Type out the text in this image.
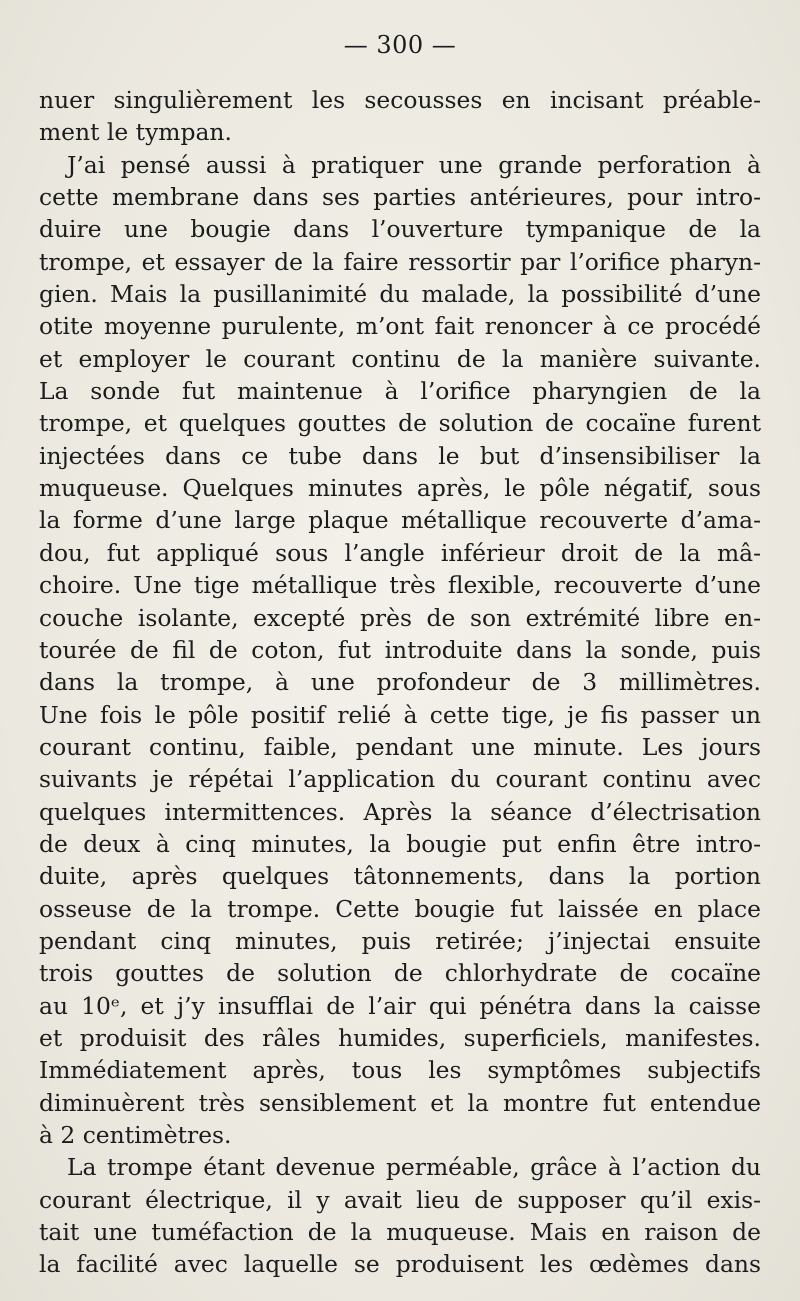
— 300 —
nuer singulièrement les secousses en incisant préable-
ment le tympan.
J’ai pensé aussi à pratiquer une grande perforation à
cette membrane dans ses parties antérieures, pour intro-
duire une bougie dans l’ouverture tympanique de la
trompe, et essayer de la faire ressortir par l’orifice pharyn-
gien. Mais la pusillanimité du malade, la possibilité d’une
otite moyenne purulente, m’ont fait renoncer à ce procédé
et employer le courant continu de la manière suivante.
La sonde fut maintenue à l’orifice pharyngien de la
trompe, et quelques gouttes de solution de cocaïne furent
injectées dans ce tube dans le but d’insensibiliser la
muqueuse. Quelques minutes après, le pôle négatif, sous
la forme d’une large plaque métallique recouverte d’ama-
dou, fut appliqué sous l’angle inférieur droit de la mâ-
choire. Une tige métallique très flexible, recouverte d’une
couche isolante, excepté près de son extrémité libre en-
tourée de fil de coton, fut introduite dans la sonde, puis
dans la trompe, à une profondeur de 3 millimètres.
Une fois le pôle positif relié à cette tige, je fis passer un
courant continu, faible, pendant une minute. Les jours
suivants je répétai l’application du courant continu avec
quelques intermittences. Après la séance d’électrisation
de deux à cinq minutes, la bougie put enfin être intro-
duite, après quelques tâtonnements, dans la portion
osseuse de la trompe. Cette bougie fut laissée en place
pendant cinq minutes, puis retirée; j’injectai ensuite
trois gouttes de solution de chlorhydrate de cocaïne
au 10ᵉ, et j’y insufflai de l’air qui pénétra dans la caisse
et produisit des râles humides, superficiels, manifestes.
Immédiatement après, tous les symptômes subjectifs
diminuèrent très sensiblement et la montre fut entendue
à 2 centimètres.
La trompe étant devenue perméable, grâce à l’action du
courant électrique, il y avait lieu de supposer qu’il exis-
tait une tuméfaction de la muqueuse. Mais en raison de
la facilité avec laquelle se produisent les œdèmes dans
